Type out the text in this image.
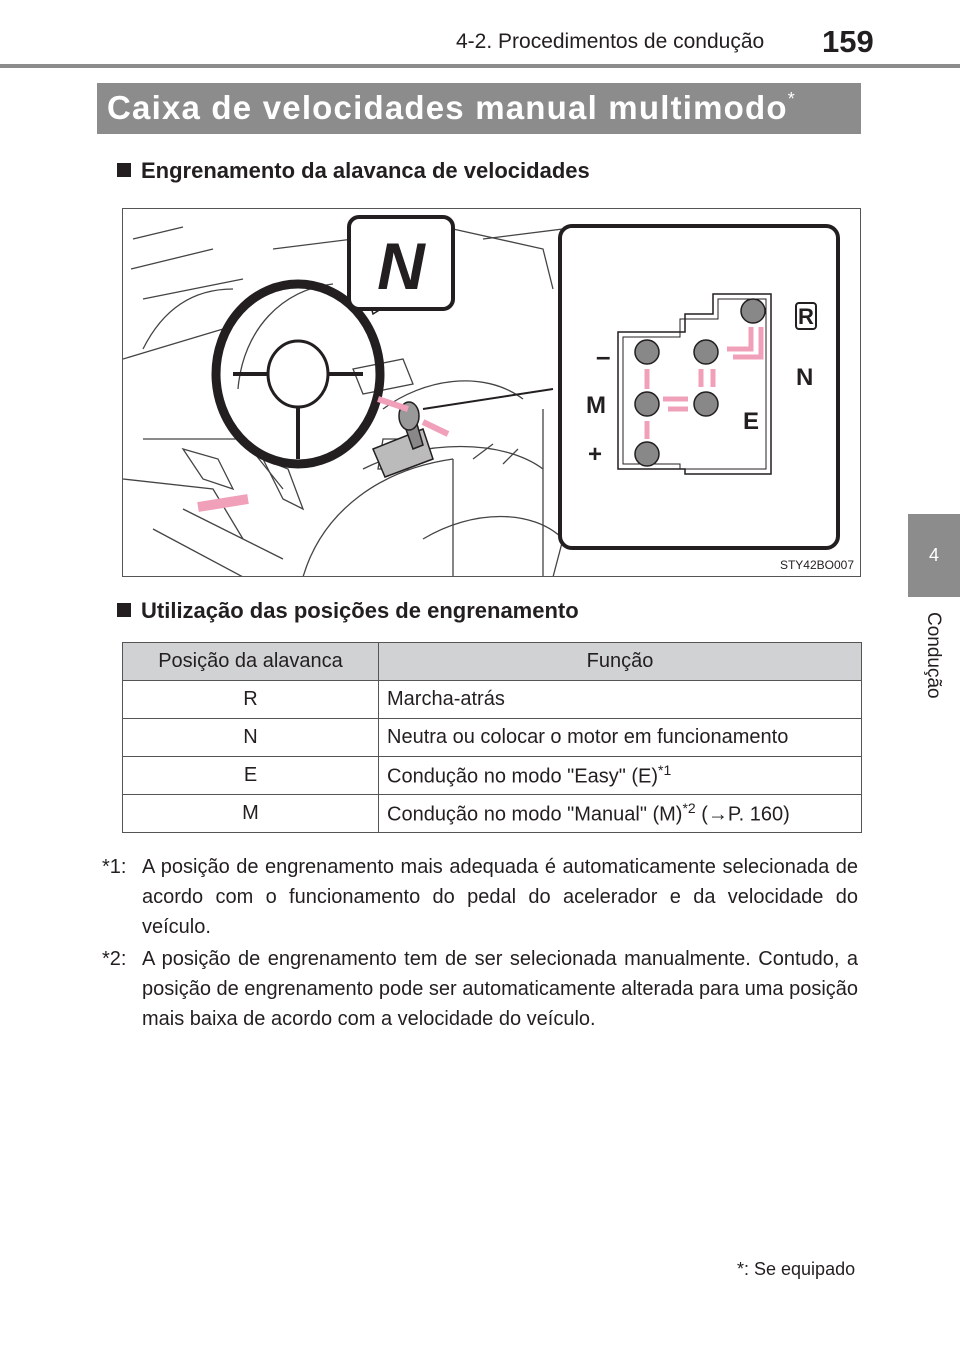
4-2. Procedimentos de condução 159
4
Condução
Caixa de velocidades manual multimodo*
Engrenamento da alavanca de velocidades
N
–
M
+
R
N
E
STY42BO007
Utilização das posições de engrenamento
Posição da alavanca	Função
R	Marcha-atrás
N	Neutra ou colocar o motor em funcionamento
E	Condução no modo "Easy" $(E)^{*1}$
M	Condução no modo "Manual" $(M)^{*2}$ (→P. 160)
*1: A posição de engrenamento mais adequada é automaticamente selecionada de acordo com o funcionamento do pedal do acelerador e da velocidade do veículo.
*2: A posição de engrenamento tem de ser selecionada manualmente. Contudo, a posição de engrenamento pode ser automaticamente alterada para uma posição mais baixa de acordo com a velocidade do veículo.
*: Se equipado
